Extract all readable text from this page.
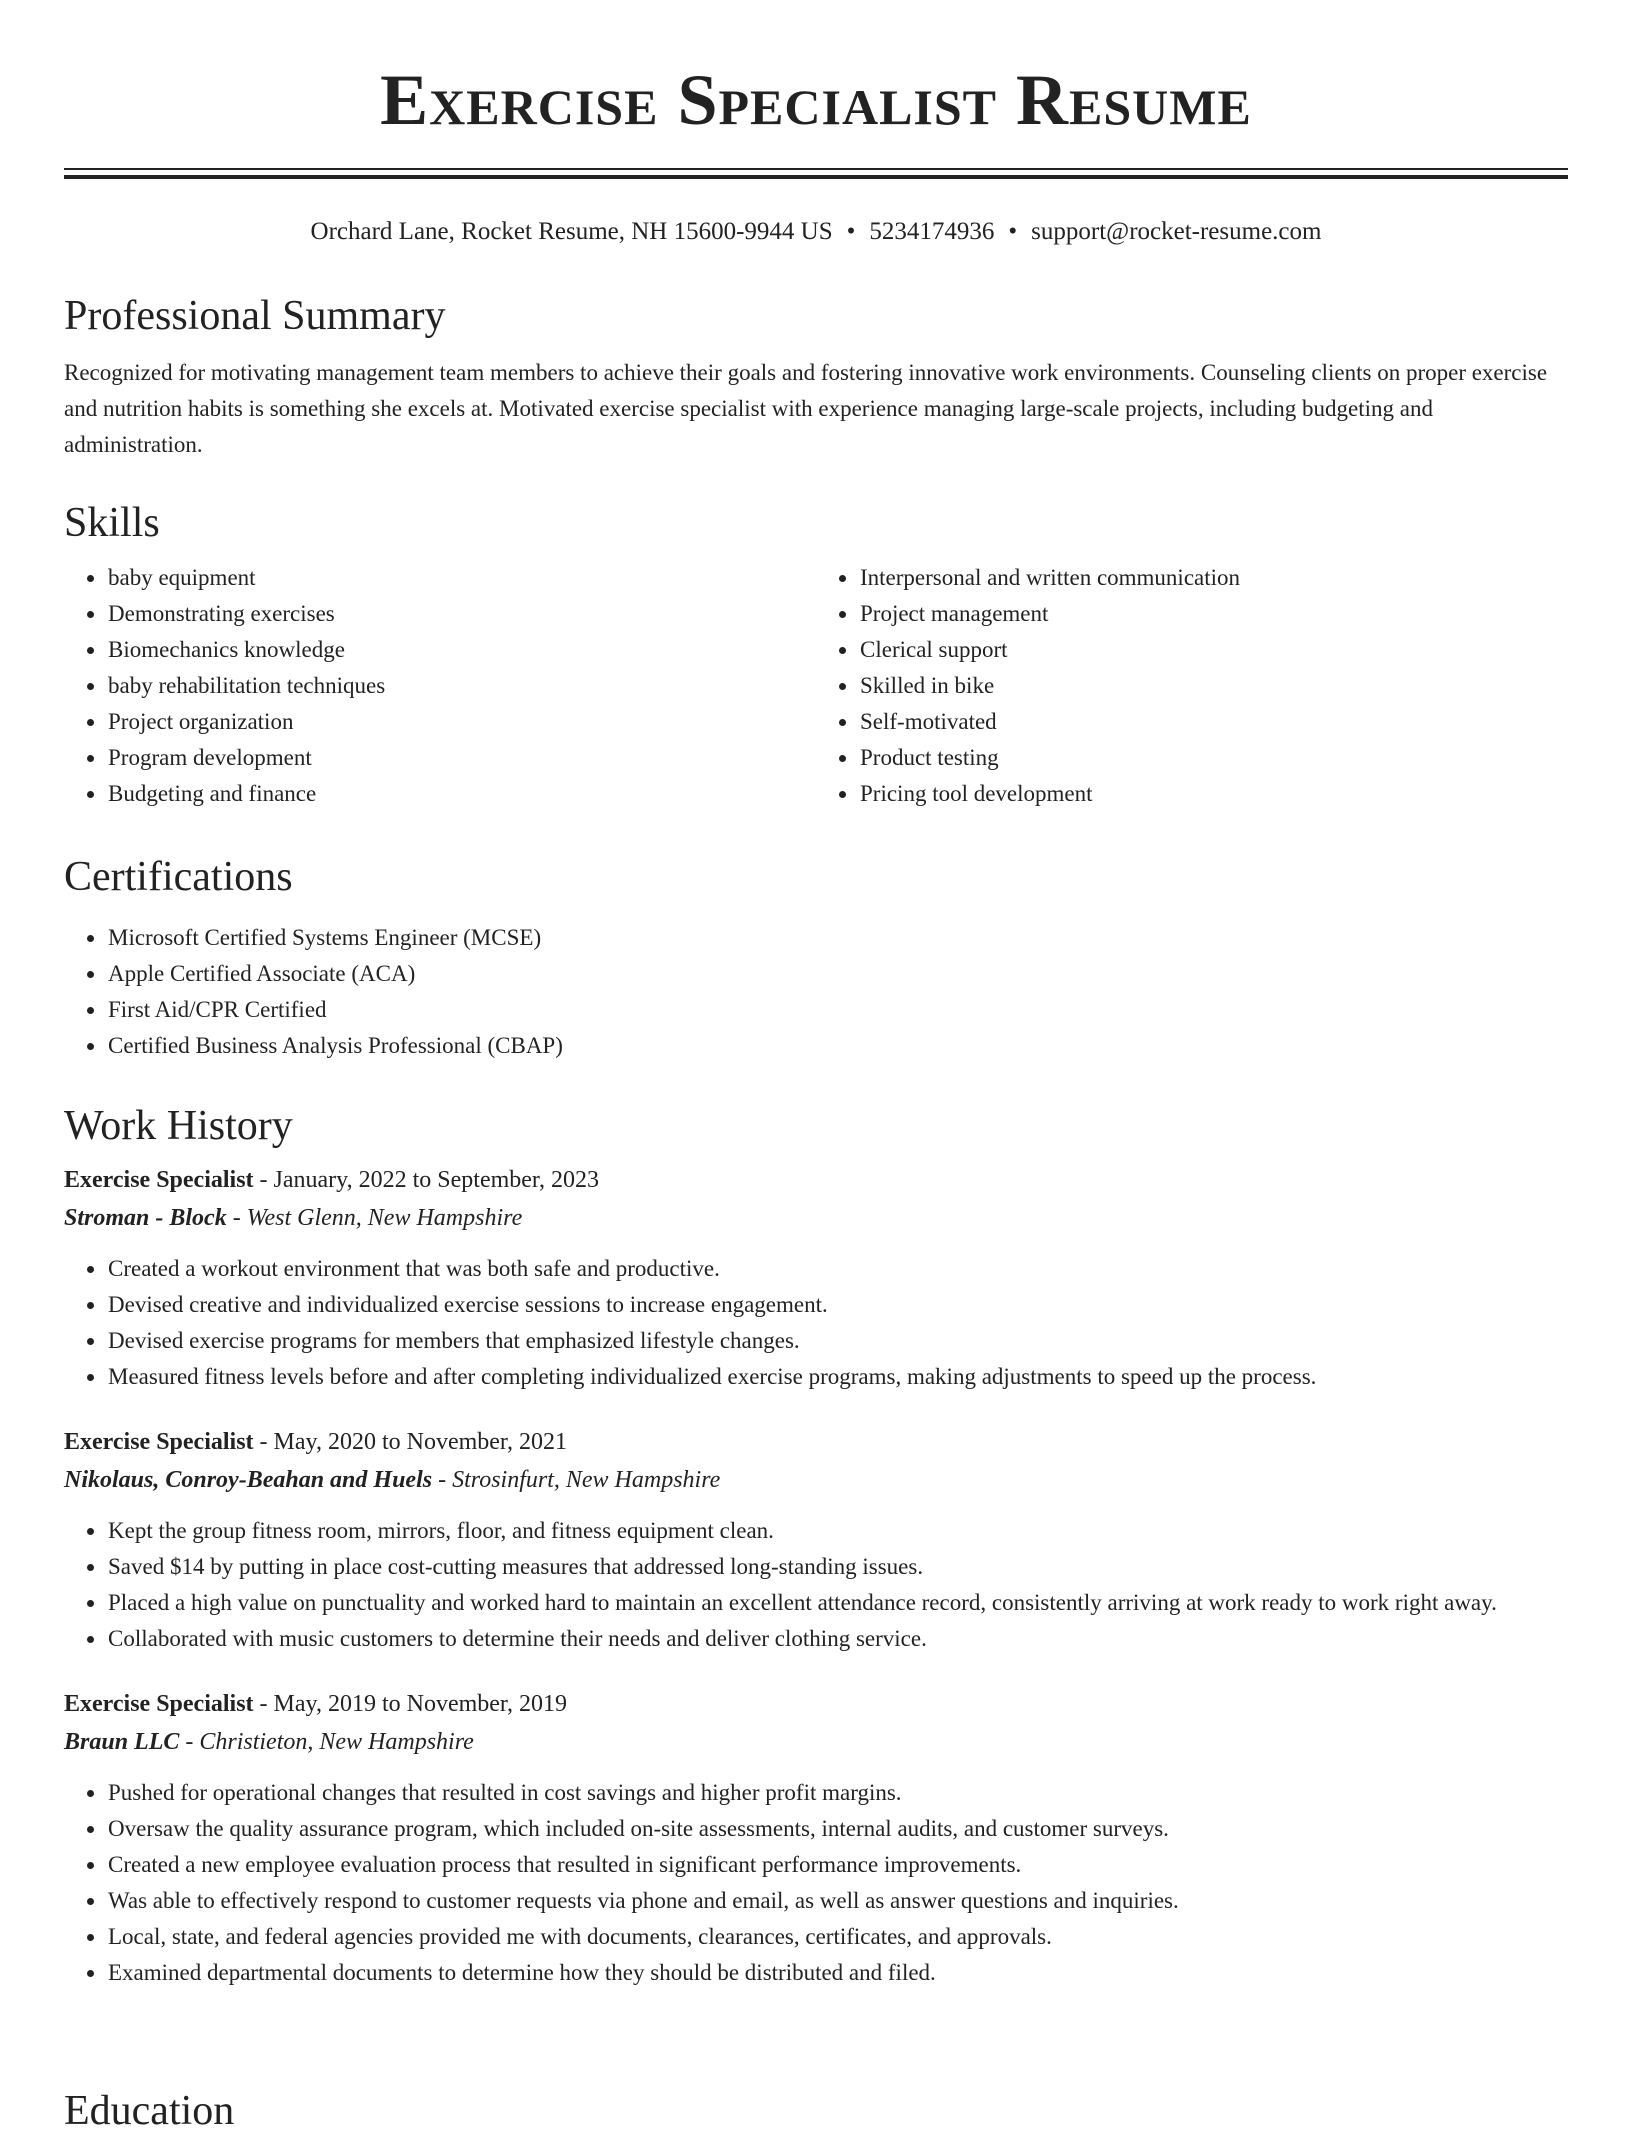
Exercise Specialist Resume
Orchard Lane, Rocket Resume, NH 15600-9944 US • 5234174936 • support@rocket-resume.com
Professional Summary

Recognized for motivating management team members to achieve their goals and fostering innovative work environments. Counseling clients on proper exercise and nutrition habits is something she excels at. Motivated exercise specialist with experience managing large-scale projects, including budgeting and administration.

Skills
• baby equipment
• Demonstrating exercises
• Biomechanics knowledge
• baby rehabilitation techniques
• Project organization
• Program development
• Budgeting and finance
• Interpersonal and written communication
• Project management
• Clerical support
• Skilled in bike
• Self-motivated
• Product testing
• Pricing tool development
Certifications
• Microsoft Certified Systems Engineer (MCSE)
• Apple Certified Associate (ACA)
• First Aid/CPR Certified
• Certified Business Analysis Professional (CBAP)
Work History
Exercise Specialist - January, 2022 to September, 2023
Stroman - Block - West Glenn, New Hampshire
• Created a workout environment that was both safe and productive.
• Devised creative and individualized exercise sessions to increase engagement.
• Devised exercise programs for members that emphasized lifestyle changes.
• Measured fitness levels before and after completing individualized exercise programs, making adjustments to speed up the process.
Exercise Specialist - May, 2020 to November, 2021
Nikolaus, Conroy-Beahan and Huels - Strosinfurt, New Hampshire
• Kept the group fitness room, mirrors, floor, and fitness equipment clean.
• Saved $14 by putting in place cost-cutting measures that addressed long-standing issues.
• Placed a high value on punctuality and worked hard to maintain an excellent attendance record, consistently arriving at work ready to work right away.
• Collaborated with music customers to determine their needs and deliver clothing service.
Exercise Specialist - May, 2019 to November, 2019
Braun LLC - Christieton, New Hampshire
• Pushed for operational changes that resulted in cost savings and higher profit margins.
• Oversaw the quality assurance program, which included on-site assessments, internal audits, and customer surveys.
• Created a new employee evaluation process that resulted in significant performance improvements.
• Was able to effectively respond to customer requests via phone and email, as well as answer questions and inquiries.
• Local, state, and federal agencies provided me with documents, clearances, certificates, and approvals.
• Examined departmental documents to determine how they should be distributed and filed.
Education
